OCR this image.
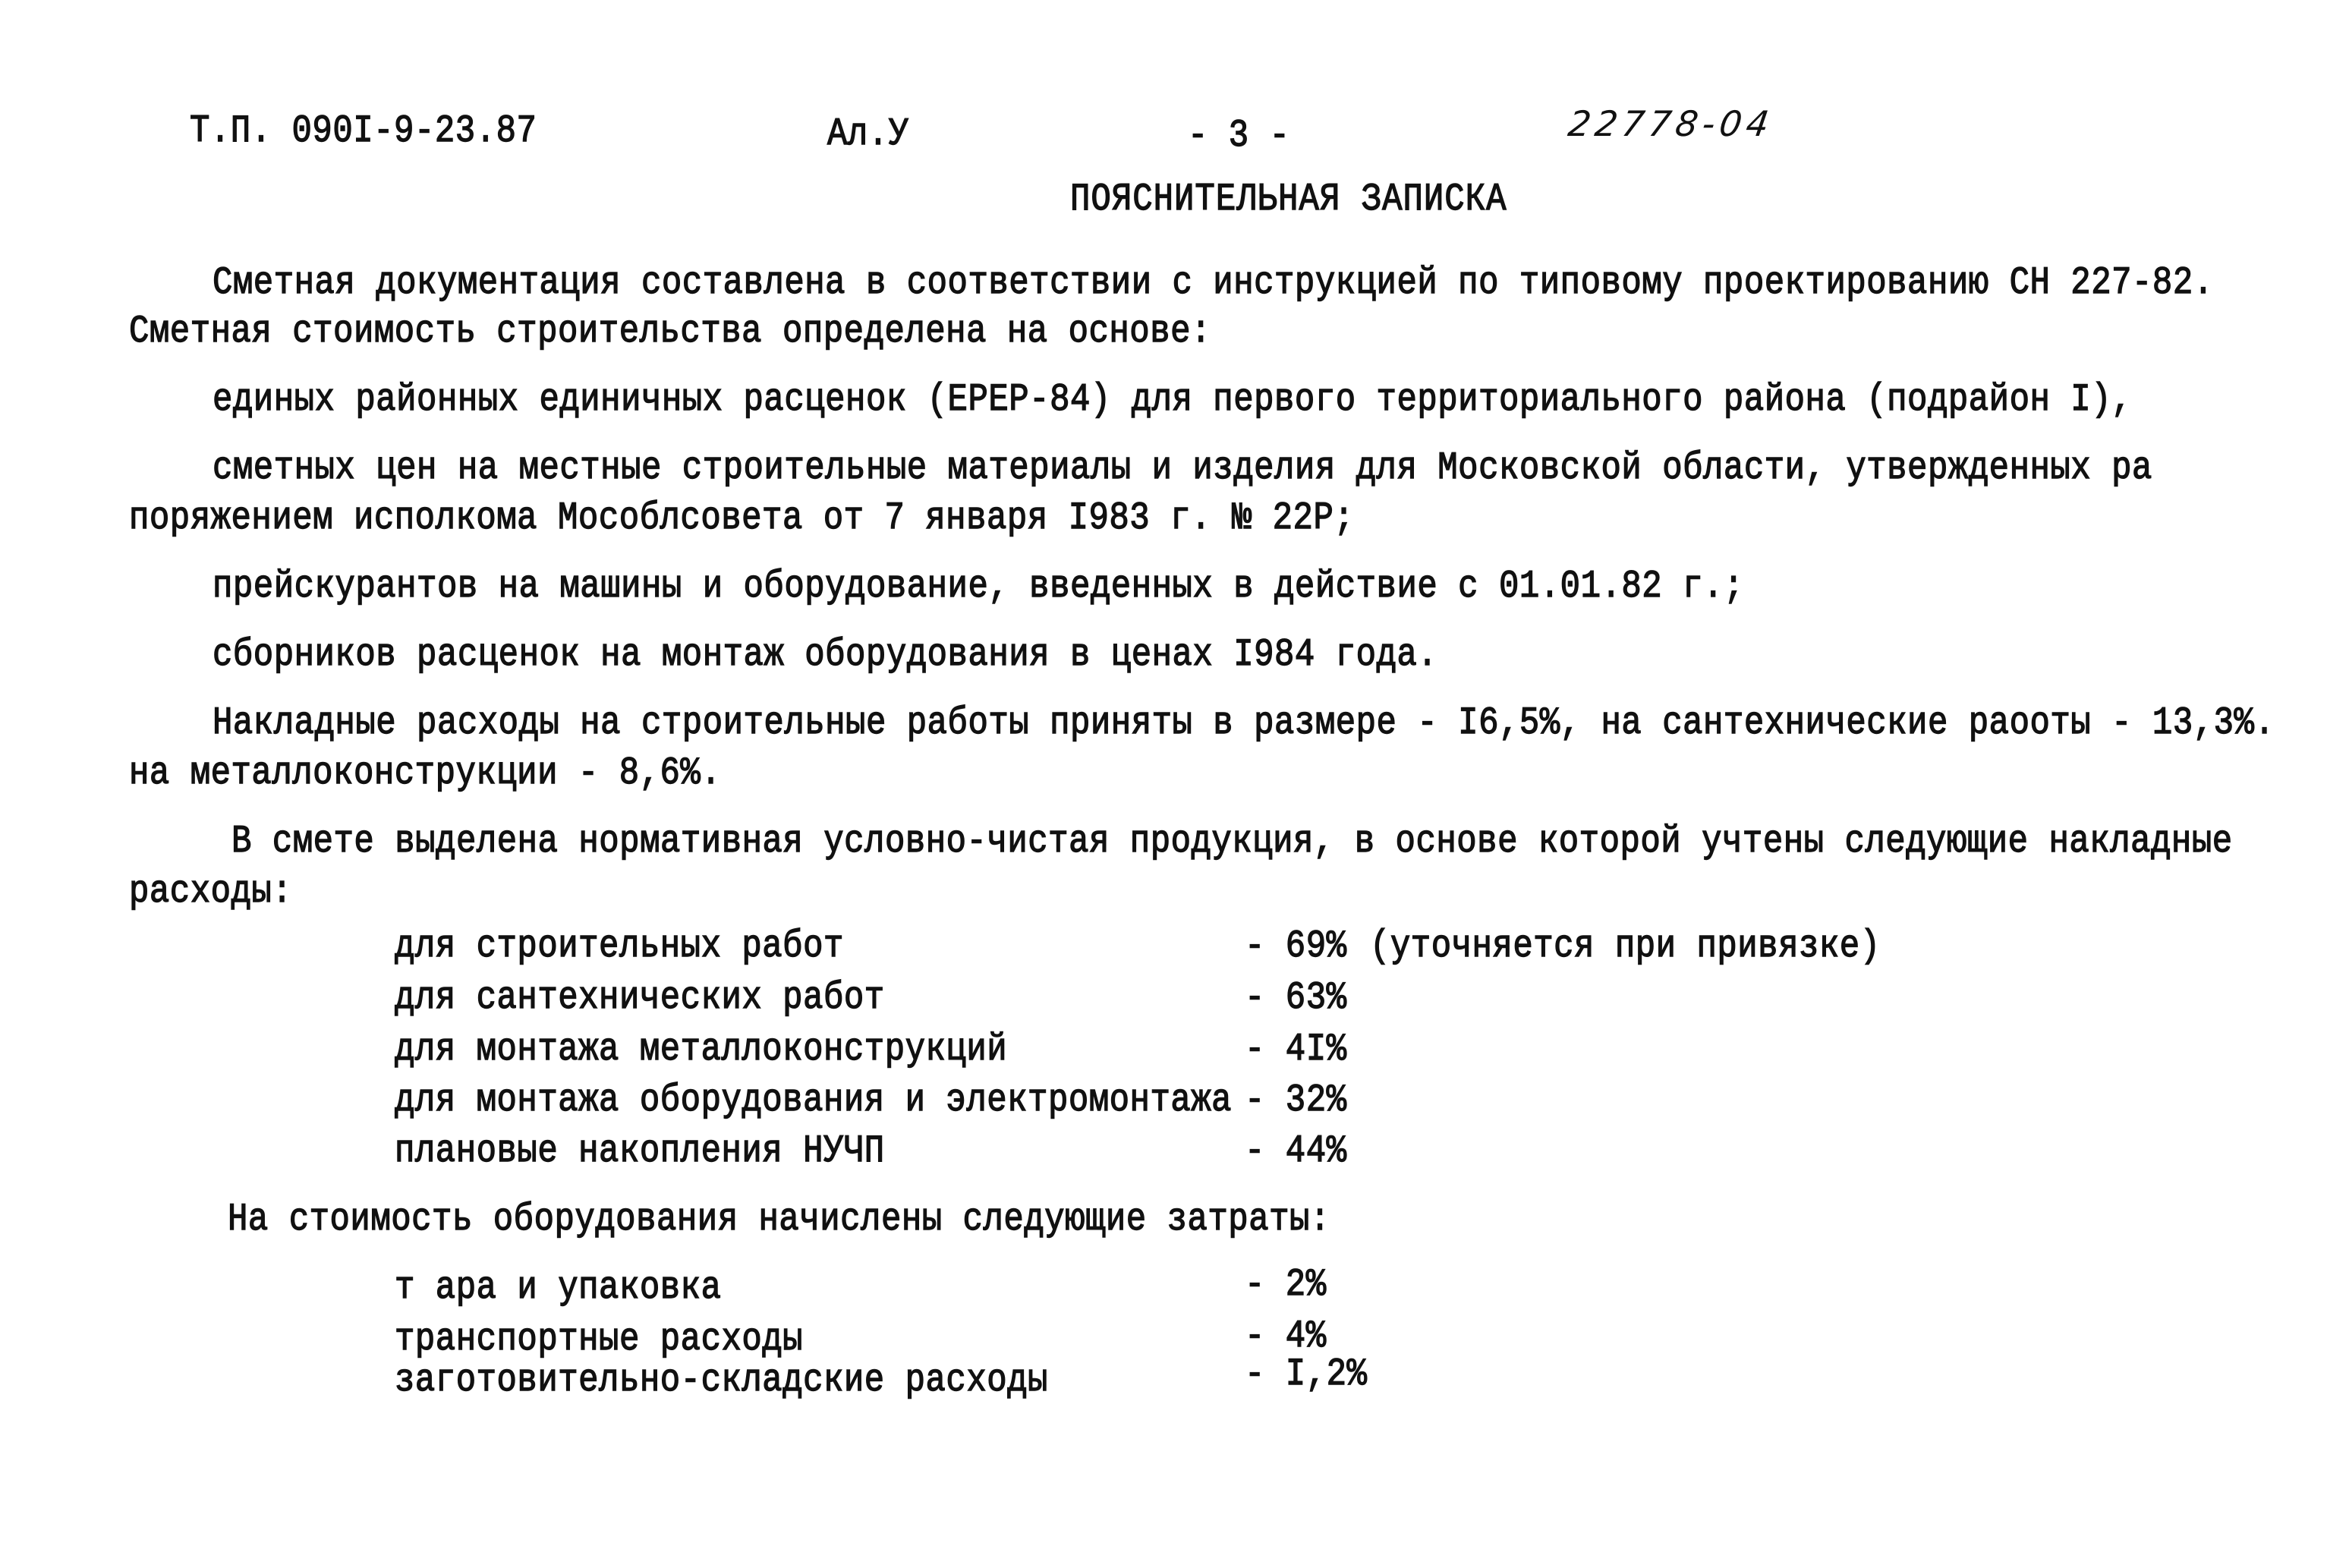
Т.П. 090I-9-23.87	Ал.У	- 3 -	22778-04
ПОЯСНИТЕЛЬНАЯ ЗАПИСКА
Сметная документация составлена в соответствии с инструкцией по типовому проектированию СН 227-82.
Сметная стоимость строительства определена на основе:
единых районных единичных расценок (ЕРЕР-84) для первого территориального района (подрайон I),
сметных цен на местные строительные материалы и изделия для Московской области, утвержденных ра
поряжением исполкома Мособлсовета от 7 января I983 г. № 22Р;
прейскурантов на машины и оборудование, введенных в действие с 01.01.82 г.;
сборников расценок на монтаж оборудования в ценах I984 года.
Накладные расходы на строительные работы приняты в размере - I6,5%, на сантехнические раооты - 13,3%.
на металлоконструкции - 8,6%.
В смете выделена нормативная условно-чистая продукция, в основе которой учтены следующие накладные
расходы:
для строительных работ	- 69% (уточняется при привязке)
для сантехнических работ	- 63%
для монтажа металлоконструкций	- 4I%
для монтажа оборудования и электромонтажа - 32%
плановые накопления НУЧП	- 44%
На стоимость оборудования начислены следующие затраты:
т ара и упаковка	- 2%
транспортные расходы	- 4%
заготовительно-складские расходы	- I,2%
